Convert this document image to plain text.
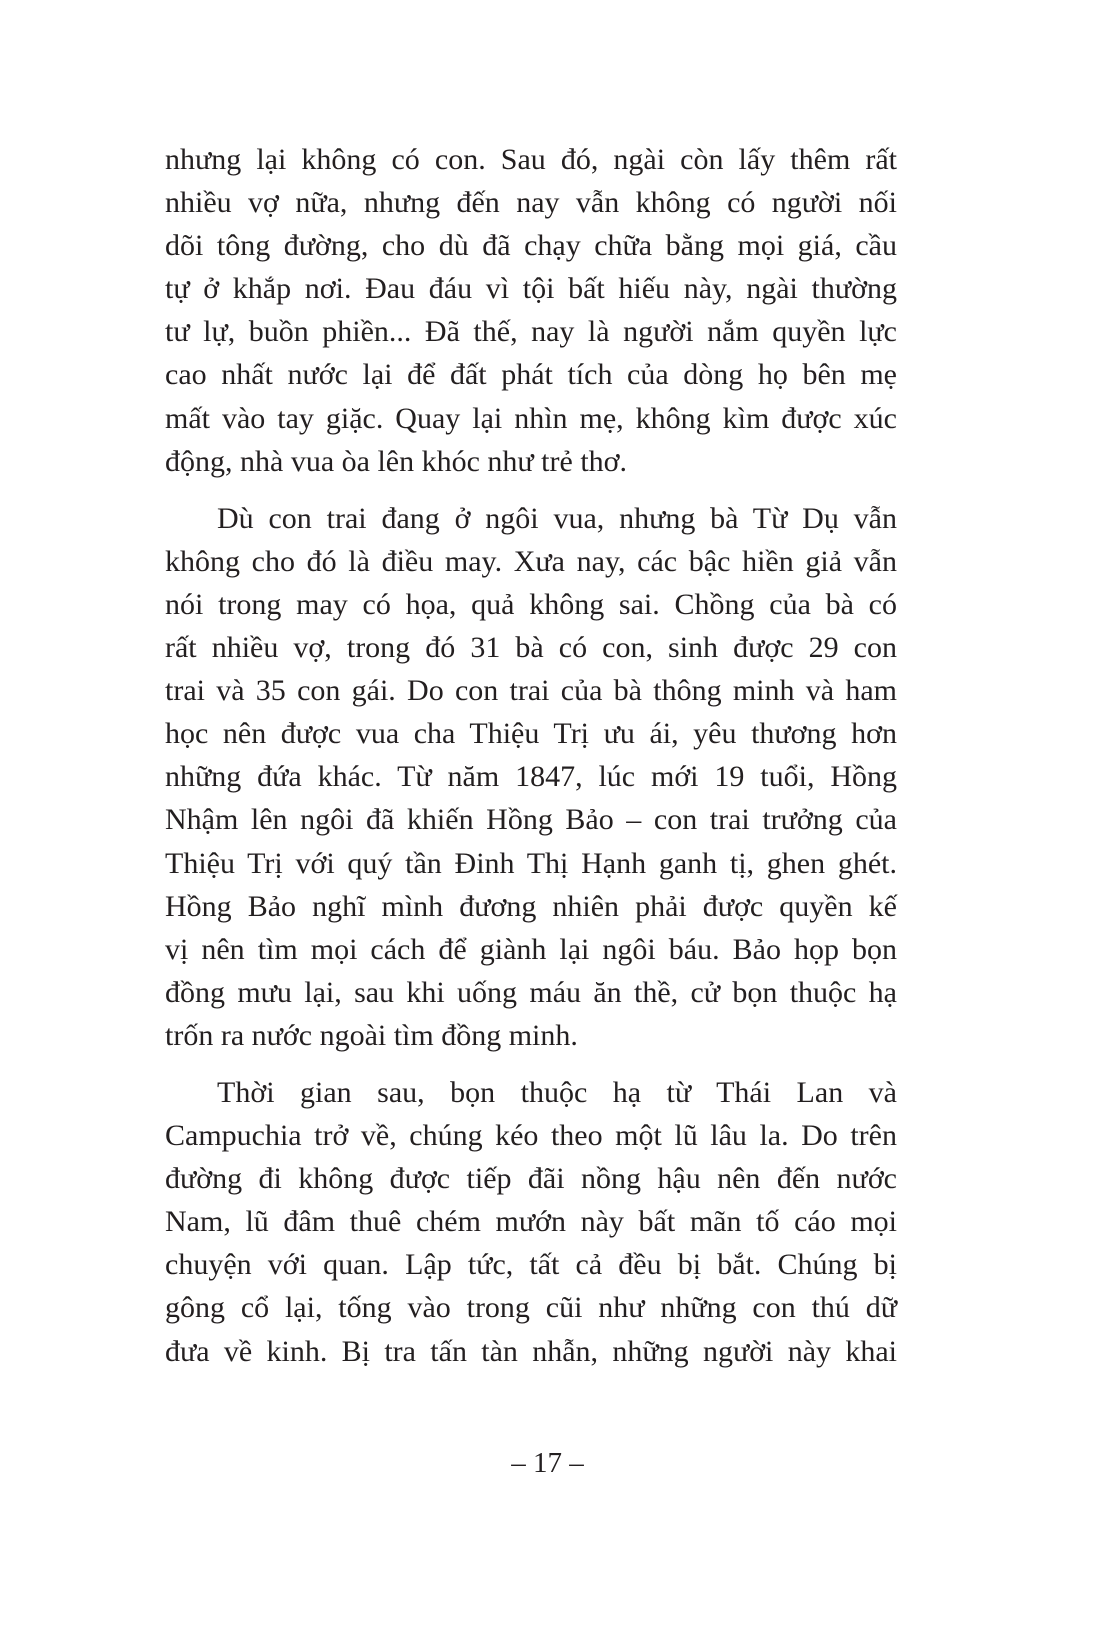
nhưng lại không có con. Sau đó, ngài còn lấy thêm rất
nhiều vợ nữa, nhưng đến nay vẫn không có người nối
dõi tông đường, cho dù đã chạy chữa bằng mọi giá, cầu
tự ở khắp nơi. Đau đáu vì tội bất hiếu này, ngài thường
tư lự, buồn phiền... Đã thế, nay là người nắm quyền lực
cao nhất nước lại để đất phát tích của dòng họ bên mẹ
mất vào tay giặc. Quay lại nhìn mẹ, không kìm được xúc
động, nhà vua òa lên khóc như trẻ thơ.
Dù con trai đang ở ngôi vua, nhưng bà Từ Dụ vẫn
không cho đó là điều may. Xưa nay, các bậc hiền giả vẫn
nói trong may có họa, quả không sai. Chồng của bà có
rất nhiều vợ, trong đó 31 bà có con, sinh được 29 con
trai và 35 con gái. Do con trai của bà thông minh và ham
học nên được vua cha Thiệu Trị ưu ái, yêu thương hơn
những đứa khác. Từ năm 1847, lúc mới 19 tuổi, Hồng
Nhậm lên ngôi đã khiến Hồng Bảo – con trai trưởng của
Thiệu Trị với quý tần Đinh Thị Hạnh ganh tị, ghen ghét.
Hồng Bảo nghĩ mình đương nhiên phải được quyền kế
vị nên tìm mọi cách để giành lại ngôi báu. Bảo họp bọn
đồng mưu lại, sau khi uống máu ăn thề, cử bọn thuộc hạ
trốn ra nước ngoài tìm đồng minh.
Thời gian sau, bọn thuộc hạ từ Thái Lan và
Campuchia trở về, chúng kéo theo một lũ lâu la. Do trên
đường đi không được tiếp đãi nồng hậu nên đến nước
Nam, lũ đâm thuê chém mướn này bất mãn tố cáo mọi
chuyện với quan. Lập tức, tất cả đều bị bắt. Chúng bị
gông cổ lại, tống vào trong cũi như những con thú dữ
đưa về kinh. Bị tra tấn tàn nhẫn, những người này khai
– 17 –
